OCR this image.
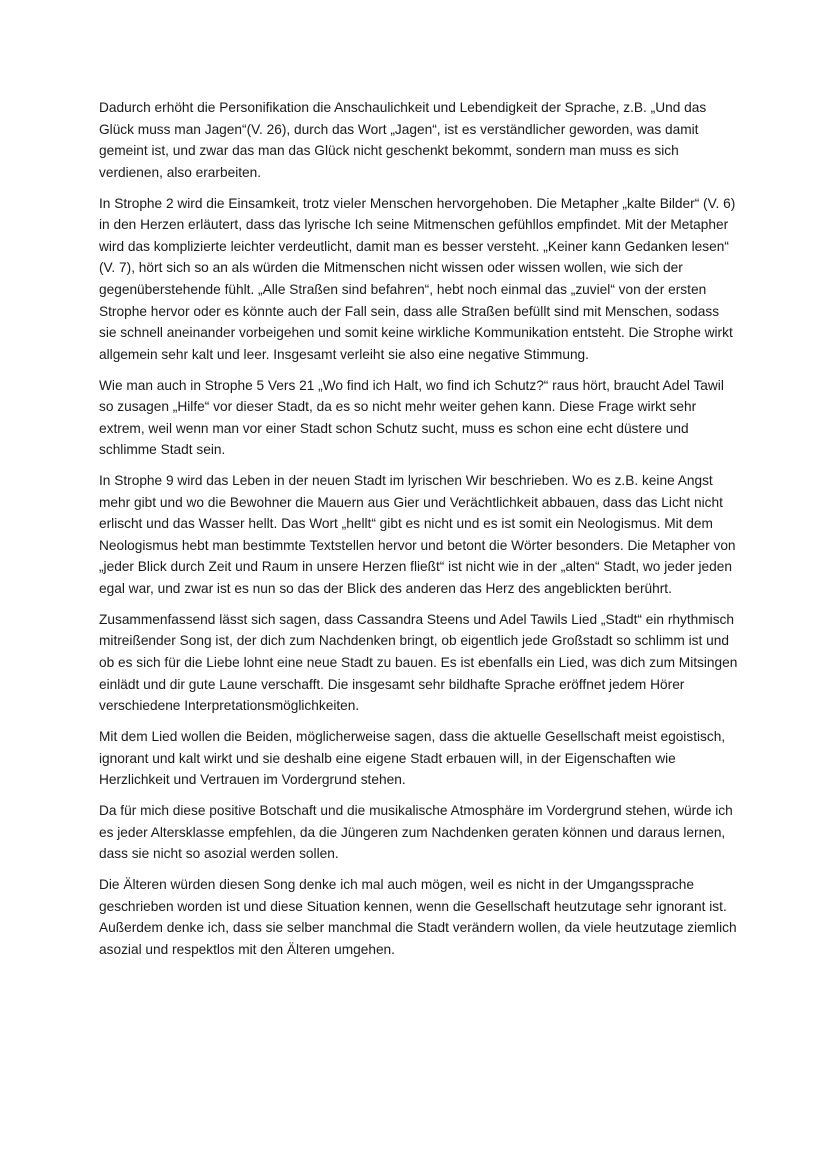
Dadurch erhöht die Personifikation die Anschaulichkeit und Lebendigkeit der Sprache, z.B. „Und das Glück muss man Jagen“(V. 26), durch das Wort „Jagen“, ist es verständlicher geworden, was damit gemeint ist, und zwar das man das Glück nicht geschenkt bekommt, sondern man muss es sich verdienen, also erarbeiten.

In Strophe 2 wird die Einsamkeit, trotz vieler Menschen hervorgehoben. Die Metapher „kalte Bilder“ (V. 6) in den Herzen erläutert, dass das lyrische Ich seine Mitmenschen gefühllos empfindet. Mit der Metapher wird das komplizierte leichter verdeutlicht, damit man es besser versteht. „Keiner kann Gedanken lesen“ (V. 7), hört sich so an als würden die Mitmenschen nicht wissen oder wissen wollen, wie sich der gegenüberstehende fühlt. „Alle Straßen sind befahren“, hebt noch einmal das „zuviel“ von der ersten Strophe hervor oder es könnte auch der Fall sein, dass alle Straßen befüllt sind mit Menschen, sodass sie schnell aneinander vorbeigehen und somit keine wirkliche Kommunikation entsteht. Die Strophe wirkt allgemein sehr kalt und leer. Insgesamt verleiht sie also eine negative Stimmung.

Wie man auch in Strophe 5 Vers 21 „Wo find ich Halt, wo find ich Schutz?“ raus hört, braucht Adel Tawil so zusagen „Hilfe“ vor dieser Stadt, da es so nicht mehr weiter gehen kann. Diese Frage wirkt sehr extrem, weil wenn man vor einer Stadt schon Schutz sucht, muss es schon eine echt düstere und schlimme Stadt sein.

In Strophe 9 wird das Leben in der neuen Stadt im lyrischen Wir beschrieben. Wo es z.B. keine Angst mehr gibt und wo die Bewohner die Mauern aus Gier und Verächtlichkeit abbauen, dass das Licht nicht erlischt und das Wasser hellt. Das Wort „hellt“ gibt es nicht und es ist somit ein Neologismus. Mit dem Neologismus hebt man bestimmte Textstellen hervor und betont die Wörter besonders. Die Metapher von „jeder Blick durch Zeit und Raum in unsere Herzen fließt“ ist nicht wie in der „alten“ Stadt, wo jeder jeden egal war, und zwar ist es nun so das der Blick des anderen das Herz des angeblickten berührt.

Zusammenfassend lässt sich sagen, dass Cassandra Steens und Adel Tawils Lied „Stadt“ ein rhythmisch mitreißender Song ist, der dich zum Nachdenken bringt, ob eigentlich jede Großstadt so schlimm ist und ob es sich für die Liebe lohnt eine neue Stadt zu bauen. Es ist ebenfalls ein Lied, was dich zum Mitsingen einlädt und dir gute Laune verschafft. Die insgesamt sehr bildhafte Sprache eröffnet jedem Hörer verschiedene Interpretationsmöglichkeiten.

Mit dem Lied wollen die Beiden, möglicherweise sagen, dass die aktuelle Gesellschaft meist egoistisch, ignorant und kalt wirkt und sie deshalb eine eigene Stadt erbauen will, in der Eigenschaften wie Herzlichkeit und Vertrauen im Vordergrund stehen.

Da für mich diese positive Botschaft und die musikalische Atmosphäre im Vordergrund stehen, würde ich es jeder Altersklasse empfehlen, da die Jüngeren zum Nachdenken geraten können und daraus lernen, dass sie nicht so asozial werden sollen.

Die Älteren würden diesen Song denke ich mal auch mögen, weil es nicht in der Umgangssprache geschrieben worden ist und diese Situation kennen, wenn die Gesellschaft heutzutage sehr ignorant ist. Außerdem denke ich, dass sie selber manchmal die Stadt verändern wollen, da viele heutzutage ziemlich asozial und respektlos mit den Älteren umgehen.
